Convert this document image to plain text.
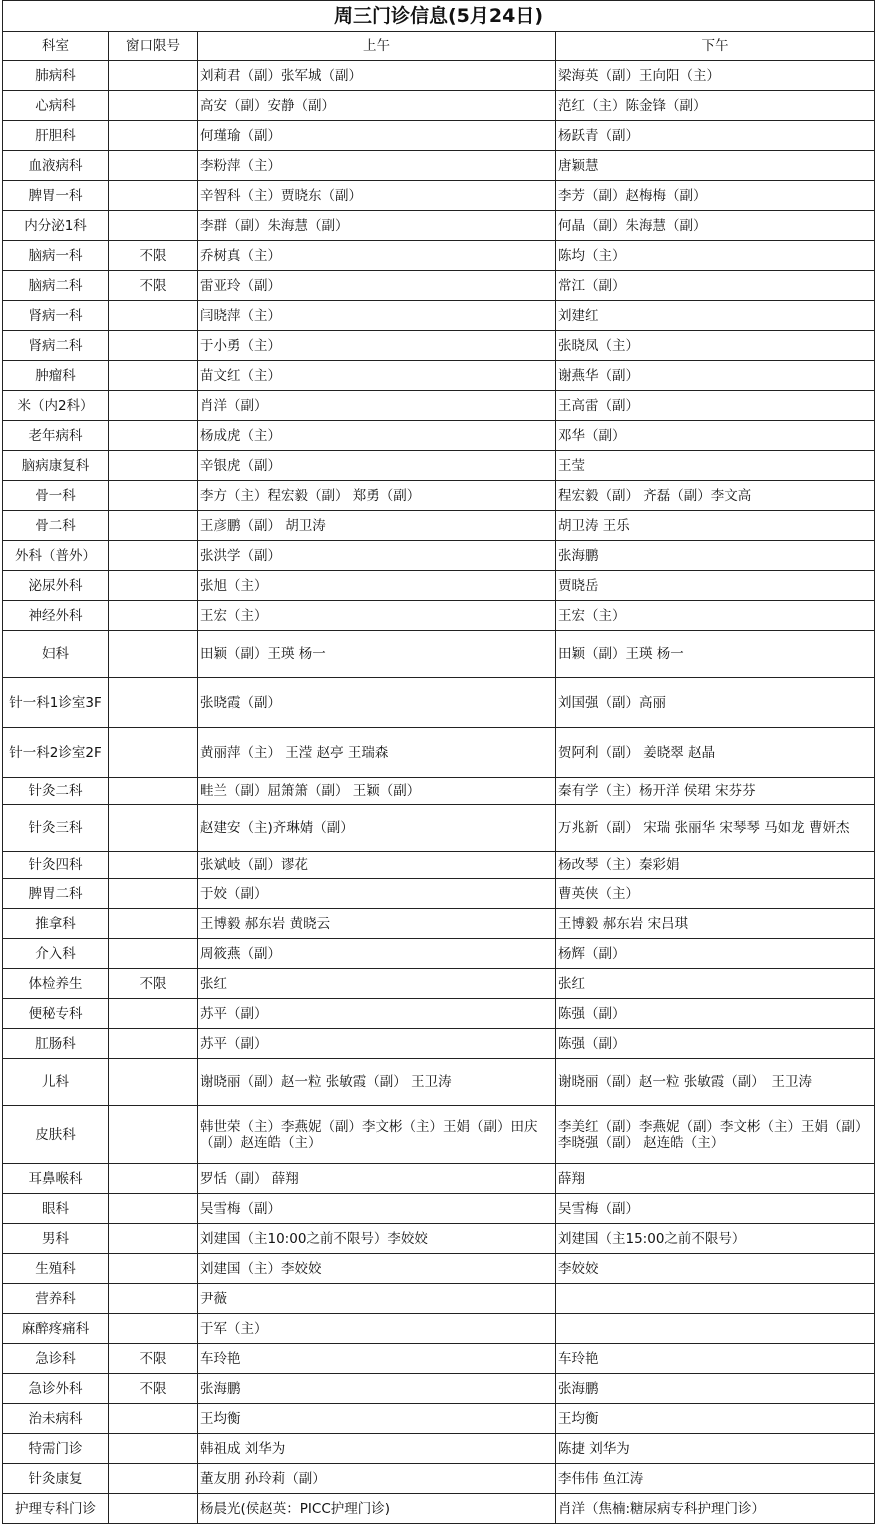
周三门诊信息(5月24日)			
科室	窗口限号	上午	下午
肺病科		刘莉君（副）张军城（副）	梁海英（副）王向阳（主）
心病科		高安（副）安静（副）	范红（主）陈金锋（副）
肝胆科		何瑾瑜（副）	杨跃青（副）
血液病科		李粉萍（主）	唐颖慧
脾胃一科		辛智科（主）贾晓东（副）	李芳（副）赵梅梅（副）
内分泌1科		李群（副）朱海慧（副）	何晶（副）朱海慧（副）
脑病一科	不限	乔树真（主）	陈均（主）
脑病二科	不限	雷亚玲（副）	常江（副）
肾病一科		闫晓萍（主）	刘建红
肾病二科		于小勇（主）	张晓凤（主）
肿瘤科		苗文红（主）	谢燕华（副）
米（内2科）		肖洋（副）	王高雷（副）
老年病科		杨成虎（主）	邓华（副）
脑病康复科		辛银虎（副）	王莹
骨一科		李方（主）程宏毅（副） 郑勇（副）	程宏毅（副） 齐磊（副）李文高
骨二科		王彦鹏（副） 胡卫涛	胡卫涛 王乐
外科（普外）		张洪学（副）	张海鹏
泌尿外科		张旭（主）	贾晓岳
神经外科		王宏（主）	王宏（主）
妇科		田颖（副）王瑛 杨一	田颖（副）王瑛 杨一
针一科1诊室3F		张晓霞（副）	刘国强（副）高丽
针一科2诊室2F		黄丽萍（主） 王滢 赵亭 王瑞森	贺阿利（副） 姜晓翠 赵晶
针灸二科		畦兰（副）屈箫箫（副） 王颖（副）	秦有学（主）杨开洋 侯珺 宋芬芬
针灸三科		赵建安（主)齐琳婧（副）	万兆新（副） 宋瑞 张丽华 宋琴琴 马如龙 曹妍杰
针灸四科		张斌岐（副）谬花	杨改琴（主）秦彩娟
脾胃二科		于姣（副）	曹英侠（主）
推拿科		王博毅 郝东岩 黄晓云	王博毅 郝东岩 宋吕琪
介入科		周筱燕（副）	杨辉（副）
体检养生	不限	张红	张红
便秘专科		苏平（副）	陈强（副）
肛肠科		苏平（副）	陈强（副）
儿科		谢晓丽（副）赵一粒 张敏霞（副） 王卫涛	谢晓丽（副）赵一粒 张敏霞（副）　王卫涛
皮肤科		韩世荣（主）李燕妮（副）李文彬（主）王娟（副）田庆（副）赵连皓（主）	李美红（副）李燕妮（副）李文彬（主）王娟（副）李晓强（副） 赵连皓（主）
耳鼻喉科		罗恬（副） 薛翔	薛翔
眼科		吴雪梅（副）	吴雪梅（副）
男科		刘建国（主10:00之前不限号）李姣姣	刘建国（主15:00之前不限号）
生殖科		刘建国（主）李姣姣	李姣姣
营养科		尹薇	
麻醉疼痛科		于军（主）	
急诊科	不限	车玲艳	车玲艳
急诊外科	不限	张海鹏	张海鹏
治未病科		王均衡	王均衡
特需门诊		韩祖成 刘华为	陈捷 刘华为
针灸康复		董友朋 孙玲莉（副）	李伟伟 鱼江涛
护理专科门诊		杨晨光(侯赵英：PICC护理门诊)	肖洋（焦楠:糖尿病专科护理门诊）
